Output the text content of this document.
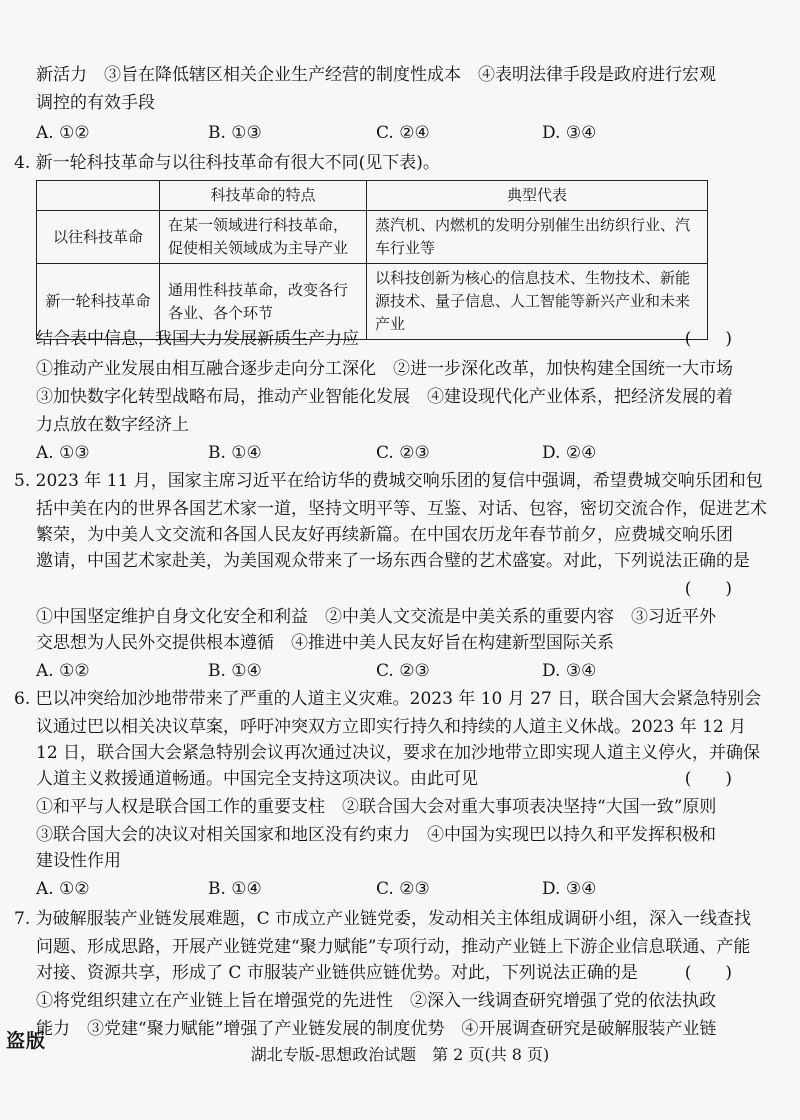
新活力　③旨在降低辖区相关企业生产经营的制度性成本　④表明法律手段是政府进行宏观
调控的有效手段
A. ①②	B. ①③	C. ②④	D. ③④
4. 新一轮科技革命与以往科技革命有很大不同(见下表)。
	科技革命的特点	典型代表
以往科技革命	在某一领域进行科技革命，促使相关领域成为主导产业	蒸汽机、内燃机的发明分别催生出纺织行业、汽车行业等
新一轮科技革命	通用性科技革命，改变各行各业、各个环节	以科技创新为核心的信息技术、生物技术、新能源技术、量子信息、人工智能等新兴产业和未来产业
结合表中信息，我国大力发展新质生产力应	(　　)
①推动产业发展由相互融合逐步走向分工深化　②进一步深化改革，加快构建全国统一大市场
③加快数字化转型战略布局，推动产业智能化发展　④建设现代化产业体系，把经济发展的着
力点放在数字经济上
A. ①③	B. ①④	C. ②③	D. ②④
5. 2023 年 11 月，国家主席习近平在给访华的费城交响乐团的复信中强调，希望费城交响乐团和包
括中美在内的世界各国艺术家一道，坚持文明平等、互鉴、对话、包容，密切交流合作，促进艺术
繁荣，为中美人文交流和各国人民友好再续新篇。在中国农历龙年春节前夕，应费城交响乐团
邀请，中国艺术家赴美，为美国观众带来了一场东西合璧的艺术盛宴。对此，下列说法正确的是
(　　)
①中国坚定维护自身文化安全和利益　②中美人文交流是中美关系的重要内容　③习近平外
交思想为人民外交提供根本遵循　④推进中美人民友好旨在构建新型国际关系
A. ①②	B. ①④	C. ②③	D. ③④
6. 巴以冲突给加沙地带带来了严重的人道主义灾难。2023 年 10 月 27 日，联合国大会紧急特别会
议通过巴以相关决议草案，呼吁冲突双方立即实行持久和持续的人道主义休战。2023 年 12 月
12 日，联合国大会紧急特别会议再次通过决议，要求在加沙地带立即实现人道主义停火，并确保
人道主义救援通道畅通。中国完全支持这项决议。由此可见	(　　)
①和平与人权是联合国工作的重要支柱　②联合国大会对重大事项表决坚持“大国一致”原则
③联合国大会的决议对相关国家和地区没有约束力　④中国为实现巴以持久和平发挥积极和
建设性作用
A. ①②	B. ①④	C. ②③	D. ③④
7. 为破解服装产业链发展难题，C 市成立产业链党委，发动相关主体组成调研小组，深入一线查找
问题、形成思路，开展产业链党建“聚力赋能”专项行动，推动产业链上下游企业信息联通、产能
对接、资源共享，形成了 C 市服装产业链供应链优势。对此，下列说法正确的是	(　　)
①将党组织建立在产业链上旨在增强党的先进性　②深入一线调查研究增强了党的依法执政
能力　③党建“聚力赋能”增强了产业链发展的制度优势　④开展调查研究是破解服装产业链
盗版
湖北专版-思想政治试题　第 2 页(共 8 页)
